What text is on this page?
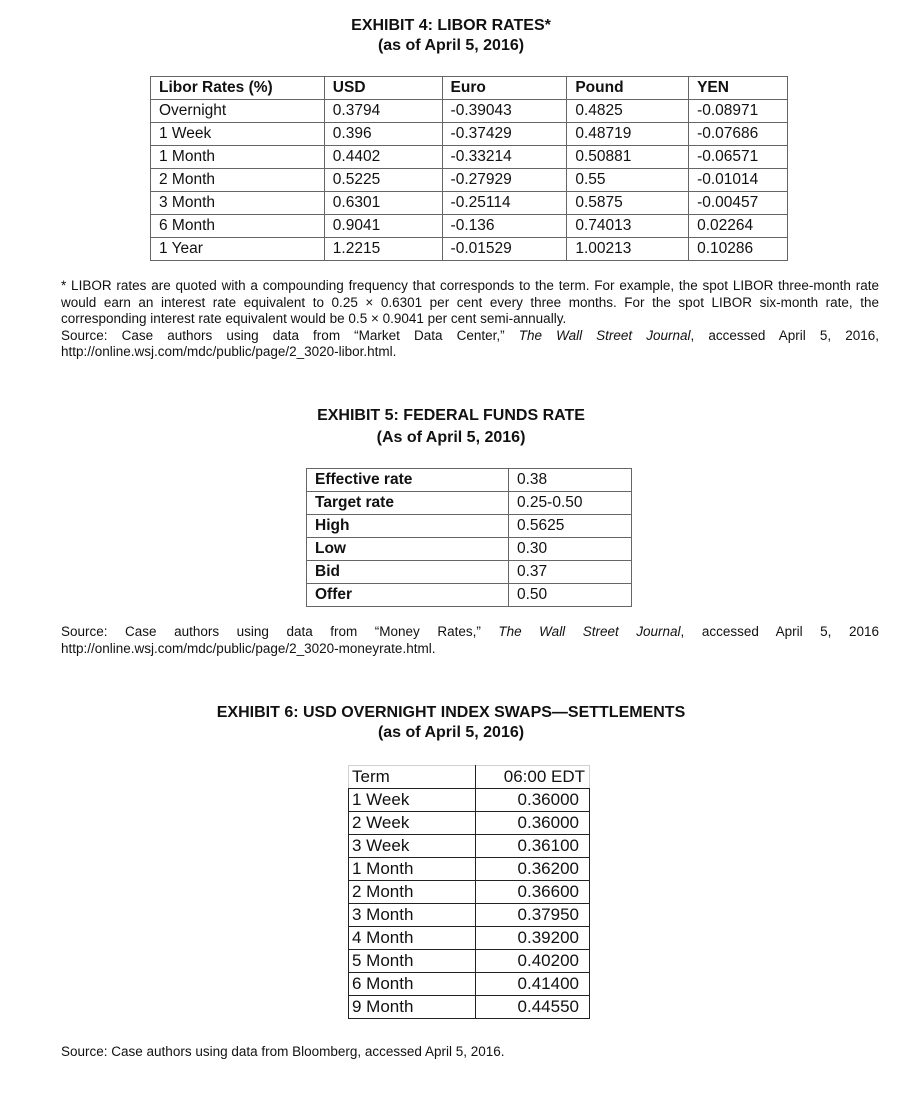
EXHIBIT 4: LIBOR RATES*
(as of April 5, 2016)
Libor Rates (%)	USD	Euro	Pound	YEN
Overnight	0.3794	-0.39043	0.4825	-0.08971
1 Week	0.396	-0.37429	0.48719	-0.07686
1 Month	0.4402	-0.33214	0.50881	-0.06571
2 Month	0.5225	-0.27929	0.55	-0.01014
3 Month	0.6301	-0.25114	0.5875	-0.00457
6 Month	0.9041	-0.136	0.74013	0.02264
1 Year	1.2215	-0.01529	1.00213	0.10286

* LIBOR rates are quoted with a compounding frequency that corresponds to the term. For example, the spot LIBOR three-month rate would earn an interest rate equivalent to 0.25 × 0.6301 per cent every three months. For the spot LIBOR six-month rate, the corresponding interest rate equivalent would be 0.5 × 0.9041 per cent semi-annually.

Source: Case authors using data from “Market Data Center,” The Wall Street Journal, accessed April 5, 2016,

http://online.wsj.com/mdc/public/page/2_3020-libor.html.

EXHIBIT 5: FEDERAL FUNDS RATE
(As of April 5, 2016)
Effective rate	0.38
Target rate	0.25-0.50
High	0.5625
Low	0.30
Bid	0.37
Offer	0.50

Source: Case authors using data from “Money Rates,” The Wall Street Journal, accessed April 5, 2016

http://online.wsj.com/mdc/public/page/2_3020-moneyrate.html.

EXHIBIT 6: USD OVERNIGHT INDEX SWAPS—SETTLEMENTS
(as of April 5, 2016)
Term	06:00 EDT
1 Week	0.36000
2 Week	0.36000
3 Week	0.36100
1 Month	0.36200
2 Month	0.36600
3 Month	0.37950
4 Month	0.39200
5 Month	0.40200
6 Month	0.41400
9 Month	0.44550

Source: Case authors using data from Bloomberg, accessed April 5, 2016.
